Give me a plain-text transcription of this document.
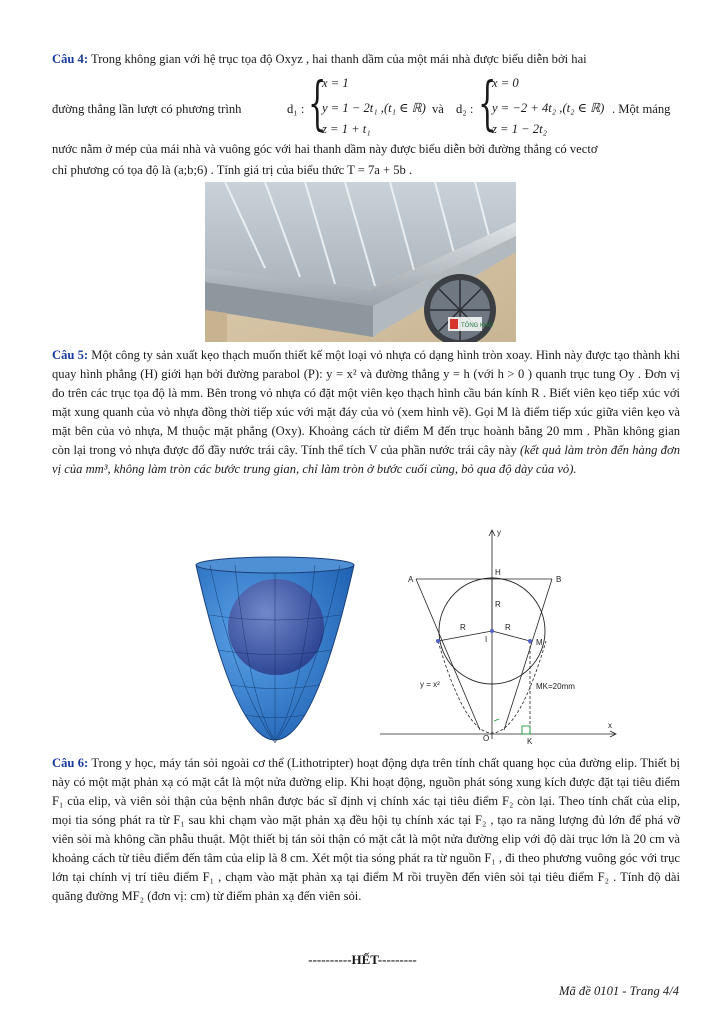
Câu 4: Trong không gian với hệ trục tọa độ Oxyz , hai thanh dầm của một mái nhà được biểu diễn bởi hai
đường thẳng lần lượt có phương trình	d₁ : {
x = 1
y = 1 − 2t₁ ,(t₁ ∈ ℝ)
z = 1 + t₁
và d₂ : {
x = 0
y = −2 + 4t₂ ,(t₂ ∈ ℝ)
z = 1 − 2t₂
. Một máng
nước nằm ở mép của mái nhà và vuông góc với hai thanh dầm này được biểu diễn bởi đường thẳng có vectơ
chỉ phương có tọa độ là (a;b;6) . Tính giá trị của biểu thức T = 7a + 5b .
TÔNG KHO

Câu 5: Một công ty sản xuất kẹo thạch muốn thiết kế một loại vỏ nhựa có dạng hình tròn xoay. Hình này được tạo thành khi quay hình phẳng (H) giới hạn bởi đường parabol (P): y = x² và đường thẳng y = h (với h > 0 ) quanh trục tung Oy . Đơn vị đo trên các trục tọa độ là mm. Bên trong vỏ nhựa có đặt một viên kẹo thạch hình cầu bán kính R . Biết viên kẹo tiếp xúc với mặt xung quanh của vỏ nhựa đồng thời tiếp xúc với mặt đáy của vỏ (xem hình vẽ). Gọi M là điểm tiếp xúc giữa viên kẹo và mặt bên của vỏ nhựa, M thuộc mặt phẳng (Oxy). Khoảng cách từ điểm M đến trục hoành bằng 20 mm . Phần không gian còn lại trong vỏ nhựa được đổ đầy nước trái cây. Tính thể tích V của phần nước trái cây này (kết quả làm tròn đến hàng đơn vị của mm³, không làm tròn các bước trung gian, chỉ làm tròn ở bước cuối cùng, bỏ qua độ dày của vỏ).

y
x
A	B
H
I	M
O	K
R
R	R
y = x²	MK=20mm

Câu 6: Trong y học, máy tán sỏi ngoài cơ thể (Lithotripter) hoạt động dựa trên tính chất quang học của đường elip. Thiết bị này có một mặt phản xạ có mặt cắt là một nửa đường elip. Khi hoạt động, nguồn phát sóng xung kích được đặt tại tiêu điểm F₁ của elip, và viên sỏi thận của bệnh nhân được bác sĩ định vị chính xác tại tiêu điểm F₂ còn lại. Theo tính chất của elip, mọi tia sóng phát ra từ F₁ sau khi chạm vào mặt phản xạ đều hội tụ chính xác tại F₂ , tạo ra năng lượng đủ lớn để phá vỡ viên sỏi mà không cần phẫu thuật. Một thiết bị tán sỏi thận có mặt cắt là một nửa đường elip với độ dài trục lớn là 20 cm và khoảng cách từ tiêu điểm đến tâm của elip là 8 cm. Xét một tia sóng phát ra từ nguồn F₁ , đi theo phương vuông góc với trục lớn tại chính vị trí tiêu điểm F₁ , chạm vào mặt phản xạ tại điểm M rồi truyền đến viên sỏi tại tiêu điểm F₂ . Tính độ dài quãng đường MF₂ (đơn vị: cm) từ điểm phản xạ đến viên sỏi.

----------HẾT---------
Mã đề 0101 - Trang 4/4
